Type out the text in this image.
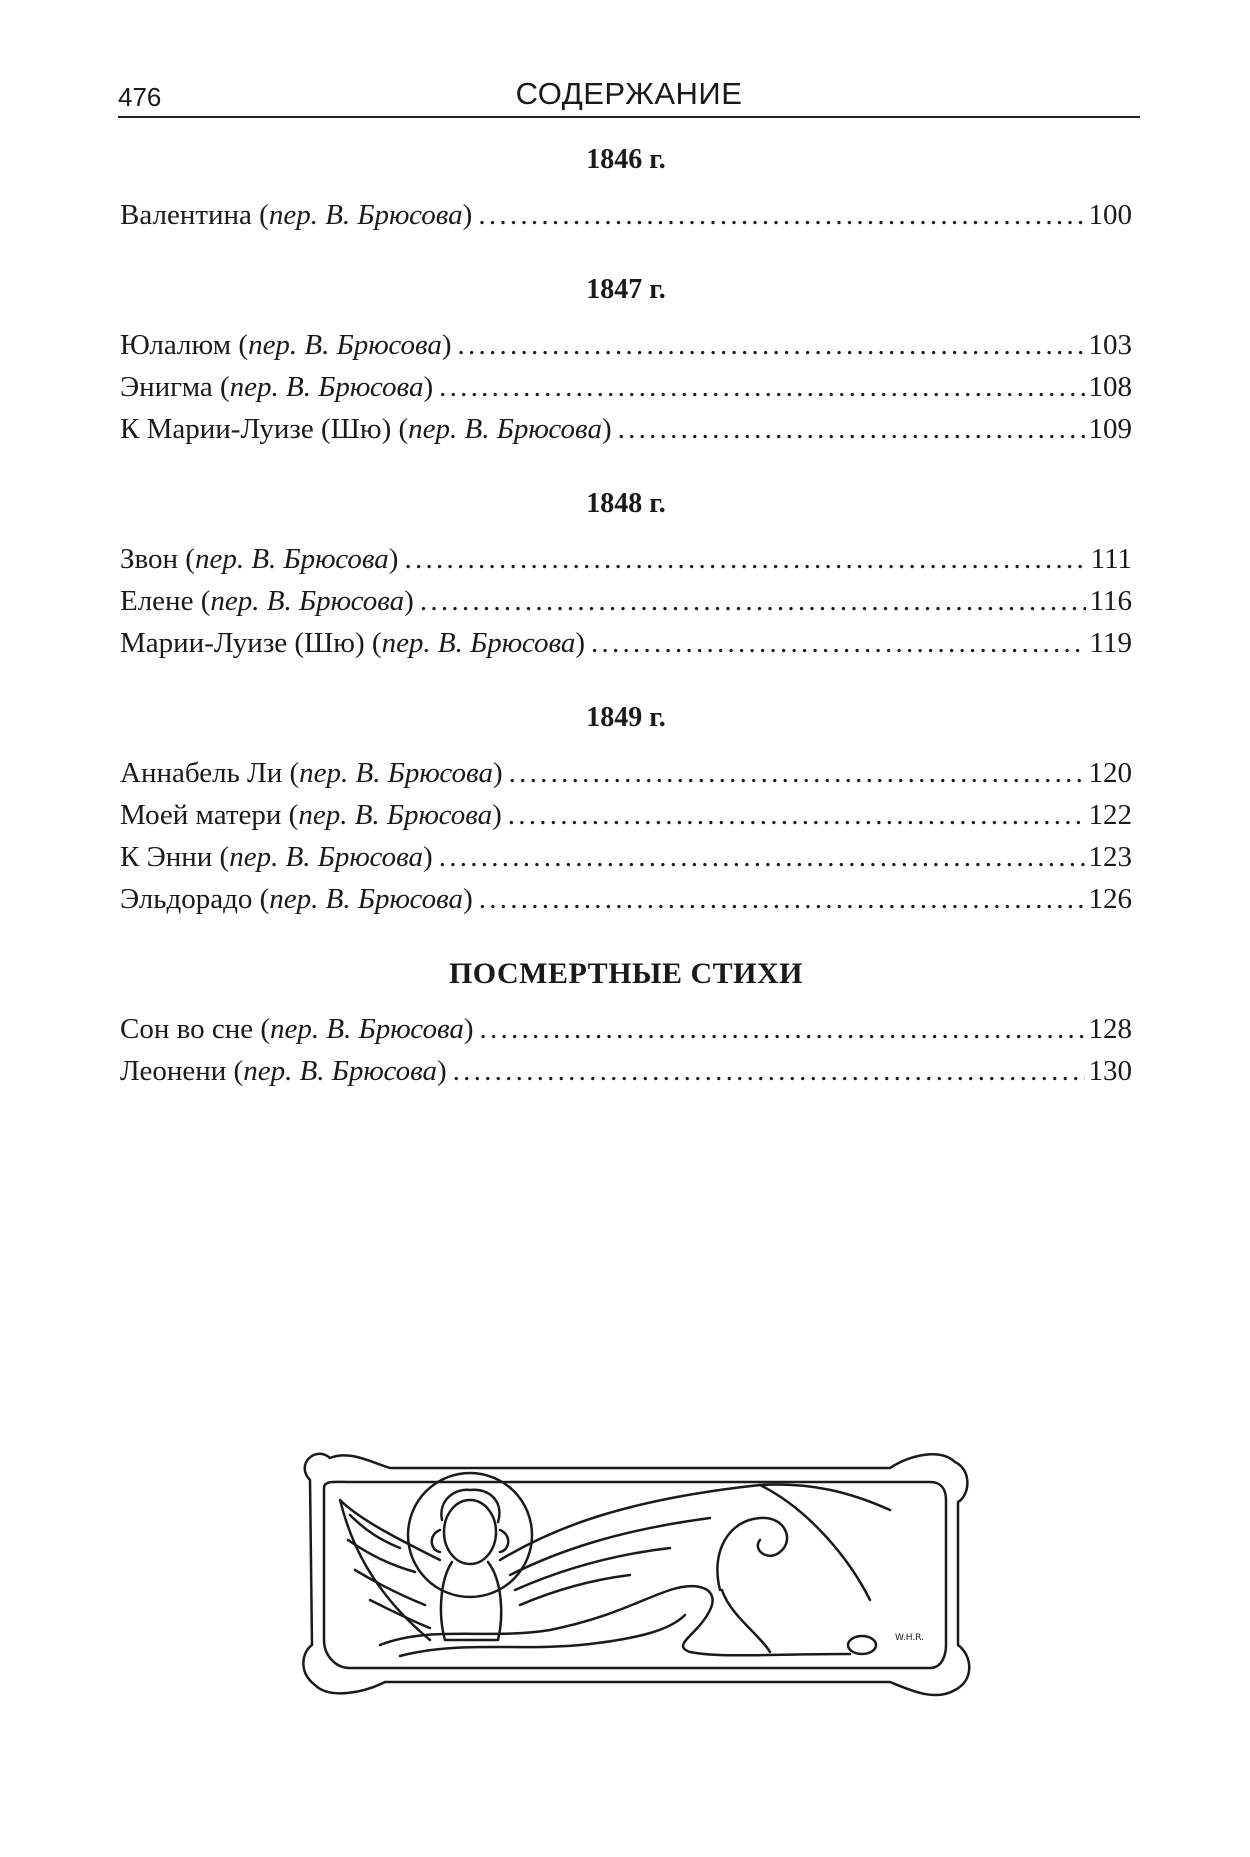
476	СОДЕРЖАНИЕ
1846 г.
Валентина ( пер. В. Брюсова ) . . .	100
1847 г.
Юлалюм ( пер. В. Брюсова ) . . .	103
Энигма ( пер. В. Брюсова ) . . .	108
К Марии-Луизе (Шю) ( пер. В. Брюсова ) . . .	109
1848 г.
Звон ( пер. В. Брюсова ) . . .	111
Елене ( пер. В. Брюсова ) . . .	116
Марии-Луизе (Шю) ( пер. В. Брюсова ) . . .	119
1849 г.
Аннабель Ли ( пер. В. Брюсова ) . . .	120
Моей матери ( пер. В. Брюсова ) . . .	122
К Энни ( пер. В. Брюсова ) . . .	123
Эльдорадо ( пер. В. Брюсова ) . . .	126
ПОСМЕРТНЫЕ СТИХИ
Сон во сне ( пер. В. Брюсова ) . . .	128
Леонени ( пер. В. Брюсова ) . . .	130
W.H.R.
